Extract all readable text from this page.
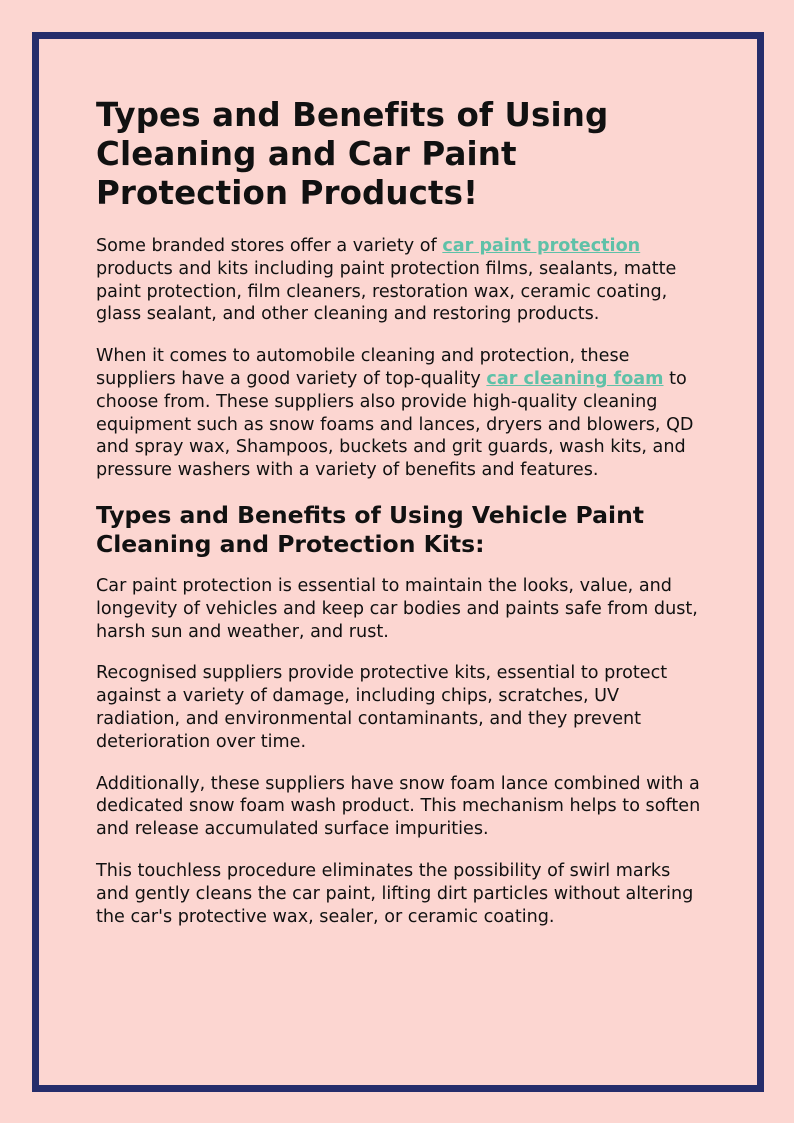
Types and Benefits of Using Cleaning and Car Paint Protection Products!

Some branded stores offer a variety of car paint protection products and kits including paint protection films, sealants, matte paint protection, film cleaners, restoration wax, ceramic coating, glass sealant, and other cleaning and restoring products.

When it comes to automobile cleaning and protection, these suppliers have a good variety of top-quality car cleaning foam to choose from. These suppliers also provide high-quality cleaning equipment such as snow foams and lances, dryers and blowers, QD and spray wax, Shampoos, buckets and grit guards, wash kits, and pressure washers with a variety of benefits and features.

Types and Benefits of Using Vehicle Paint Cleaning and Protection Kits:

Car paint protection is essential to maintain the looks, value, and longevity of vehicles and keep car bodies and paints safe from dust, harsh sun and weather, and rust.

Recognised suppliers provide protective kits, essential to protect against a variety of damage, including chips, scratches, UV radiation, and environmental contaminants, and they prevent deterioration over time.

Additionally, these suppliers have snow foam lance combined with a dedicated snow foam wash product. This mechanism helps to soften and release accumulated surface impurities.

This touchless procedure eliminates the possibility of swirl marks and gently cleans the car paint, lifting dirt particles without altering the car's protective wax, sealer, or ceramic coating.
